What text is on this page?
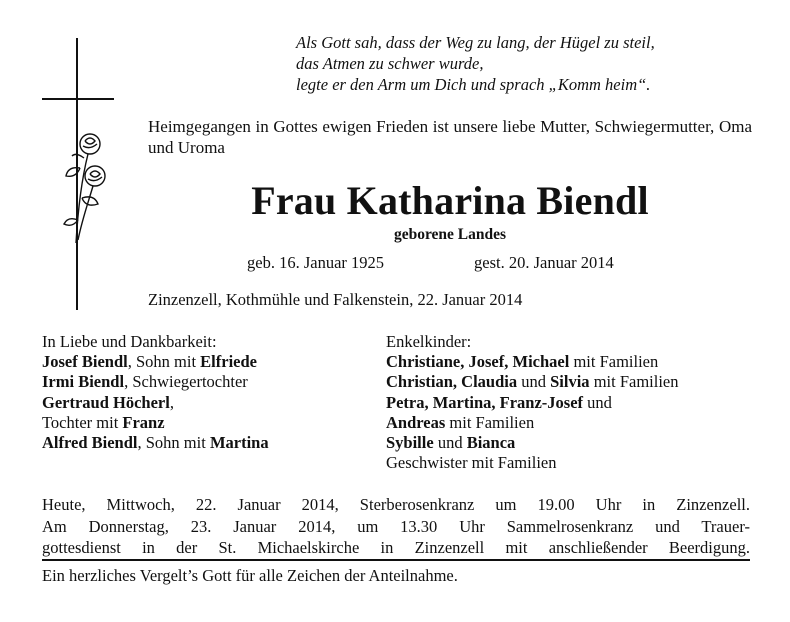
Als Gott sah, dass der Weg zu lang, der Hügel zu steil,
das Atmen zu schwer wurde,
legte er den Arm um Dich und sprach „Komm heim“.
Heimgegangen in Gottes ewigen Frieden ist unsere liebe Mutter, Schwiegermutter, Oma und Uroma
Frau Katharina Biendl
geborene Landes
geb. 16. Januar 1925	gest. 20. Januar 2014
Zinzenzell, Kothmühle und Falkenstein, 22. Januar 2014
In Liebe und Dankbarkeit:
Josef Biendl, Sohn mit Elfriede
Irmi Biendl, Schwiegertochter
Gertraud Höcherl,
Tochter mit Franz
Alfred Biendl, Sohn mit Martina
Enkelkinder:
Christiane, Josef, Michael mit Familien
Christian, Claudia und Silvia mit Familien
Petra, Martina, Franz-Josef und
Andreas mit Familien
Sybille und Bianca
Geschwister mit Familien
Heute, Mittwoch, 22. Januar 2014, Sterberosenkranz um 19.00 Uhr in Zinzenzell.
Am Donnerstag, 23. Januar 2014, um 13.30 Uhr Sammelrosenkranz und Trauer-
gottesdienst in der St. Michaelskirche in Zinzenzell mit anschließender Beerdigung.
Ein herzliches Vergelt’s Gott für alle Zeichen der Anteilnahme.
